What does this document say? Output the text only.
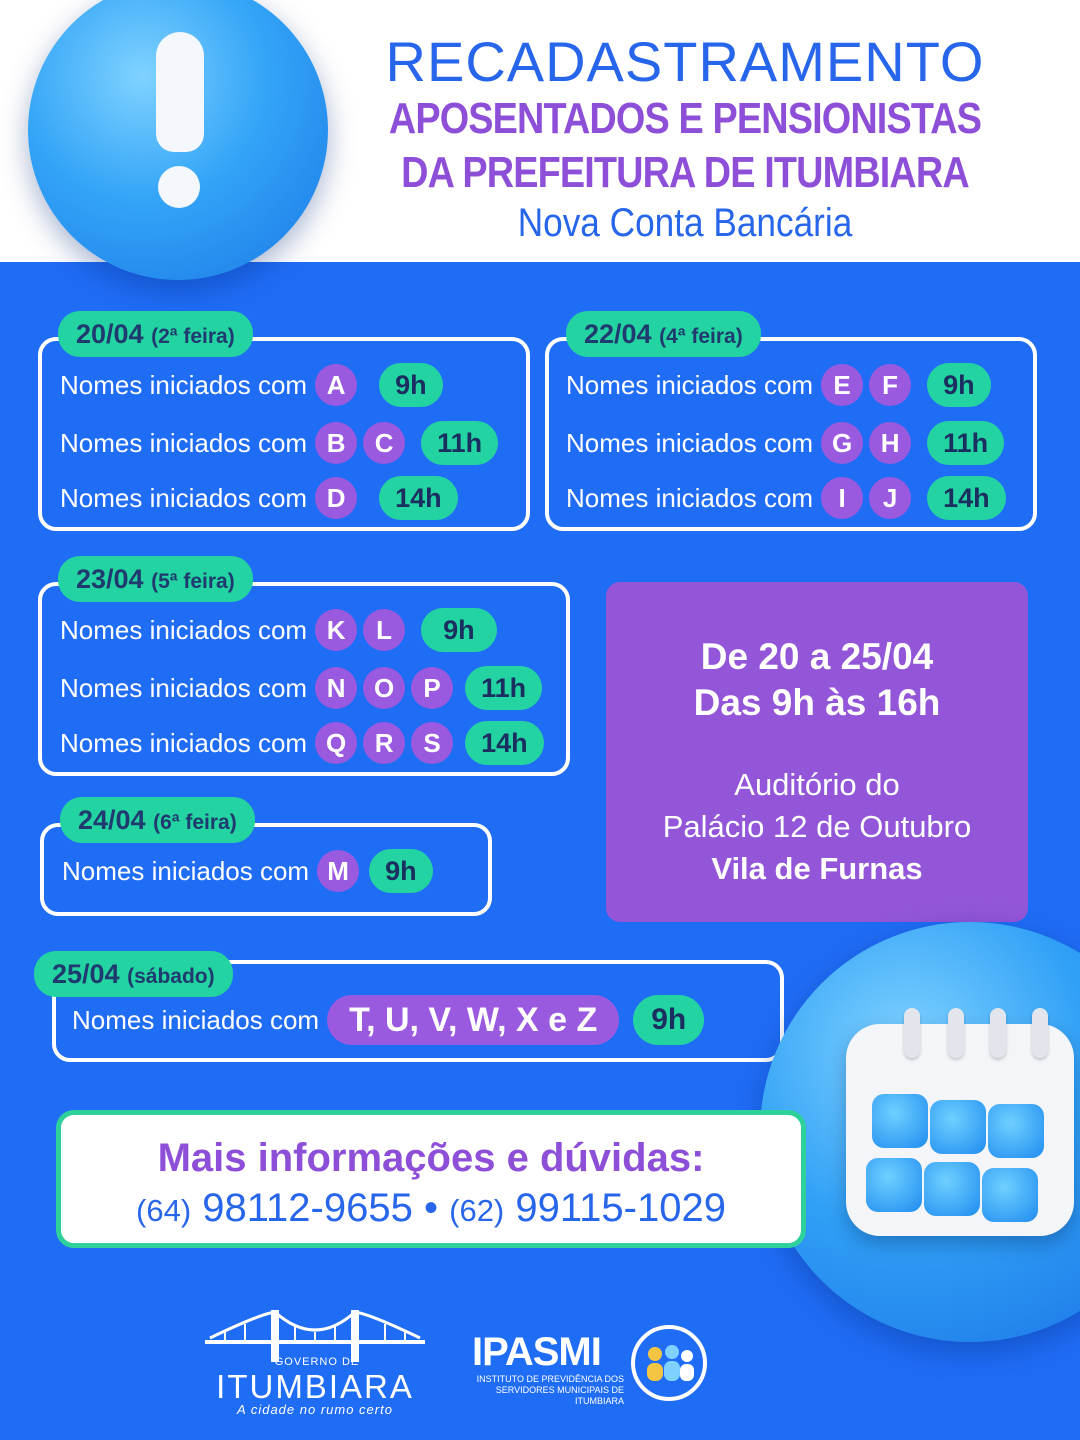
RECADASTRAMENTO
APOSENTADOS E PENSIONISTAS
DA PREFEITURA DE ITUMBIARA
Nova Conta Bancária
20/04 (2ª feira)
Nomes iniciados com A	9h
Nomes iniciados com B	C	11h
Nomes iniciados com D	14h
22/04 (4ª feira)
Nomes iniciados com E	F	9h
Nomes iniciados com G	H	11h
Nomes iniciados com I	J	14h
23/04 (5ª feira)
Nomes iniciados com K	L	9h
Nomes iniciados com N	O	P	11h
Nomes iniciados com Q	R	S	14h
24/04 (6ª feira)
Nomes iniciados com M	9h
25/04 (sábado)
Nomes iniciados com T, U, V, W, X e Z	9h
De 20 a 25/04
Das 9h às 16h
Auditório do
Palácio 12 de Outubro
Vila de Furnas
Mais informações e dúvidas:
(64) 98112-9655 • (62) 99115-1029
GOVERNO DE
ITUMBIARA
A cidade no rumo certo
IPASMI
INSTITUTO DE PREVIDÊNCIA DOS SERVIDORES MUNICIPAIS DE ITUMBIARA
